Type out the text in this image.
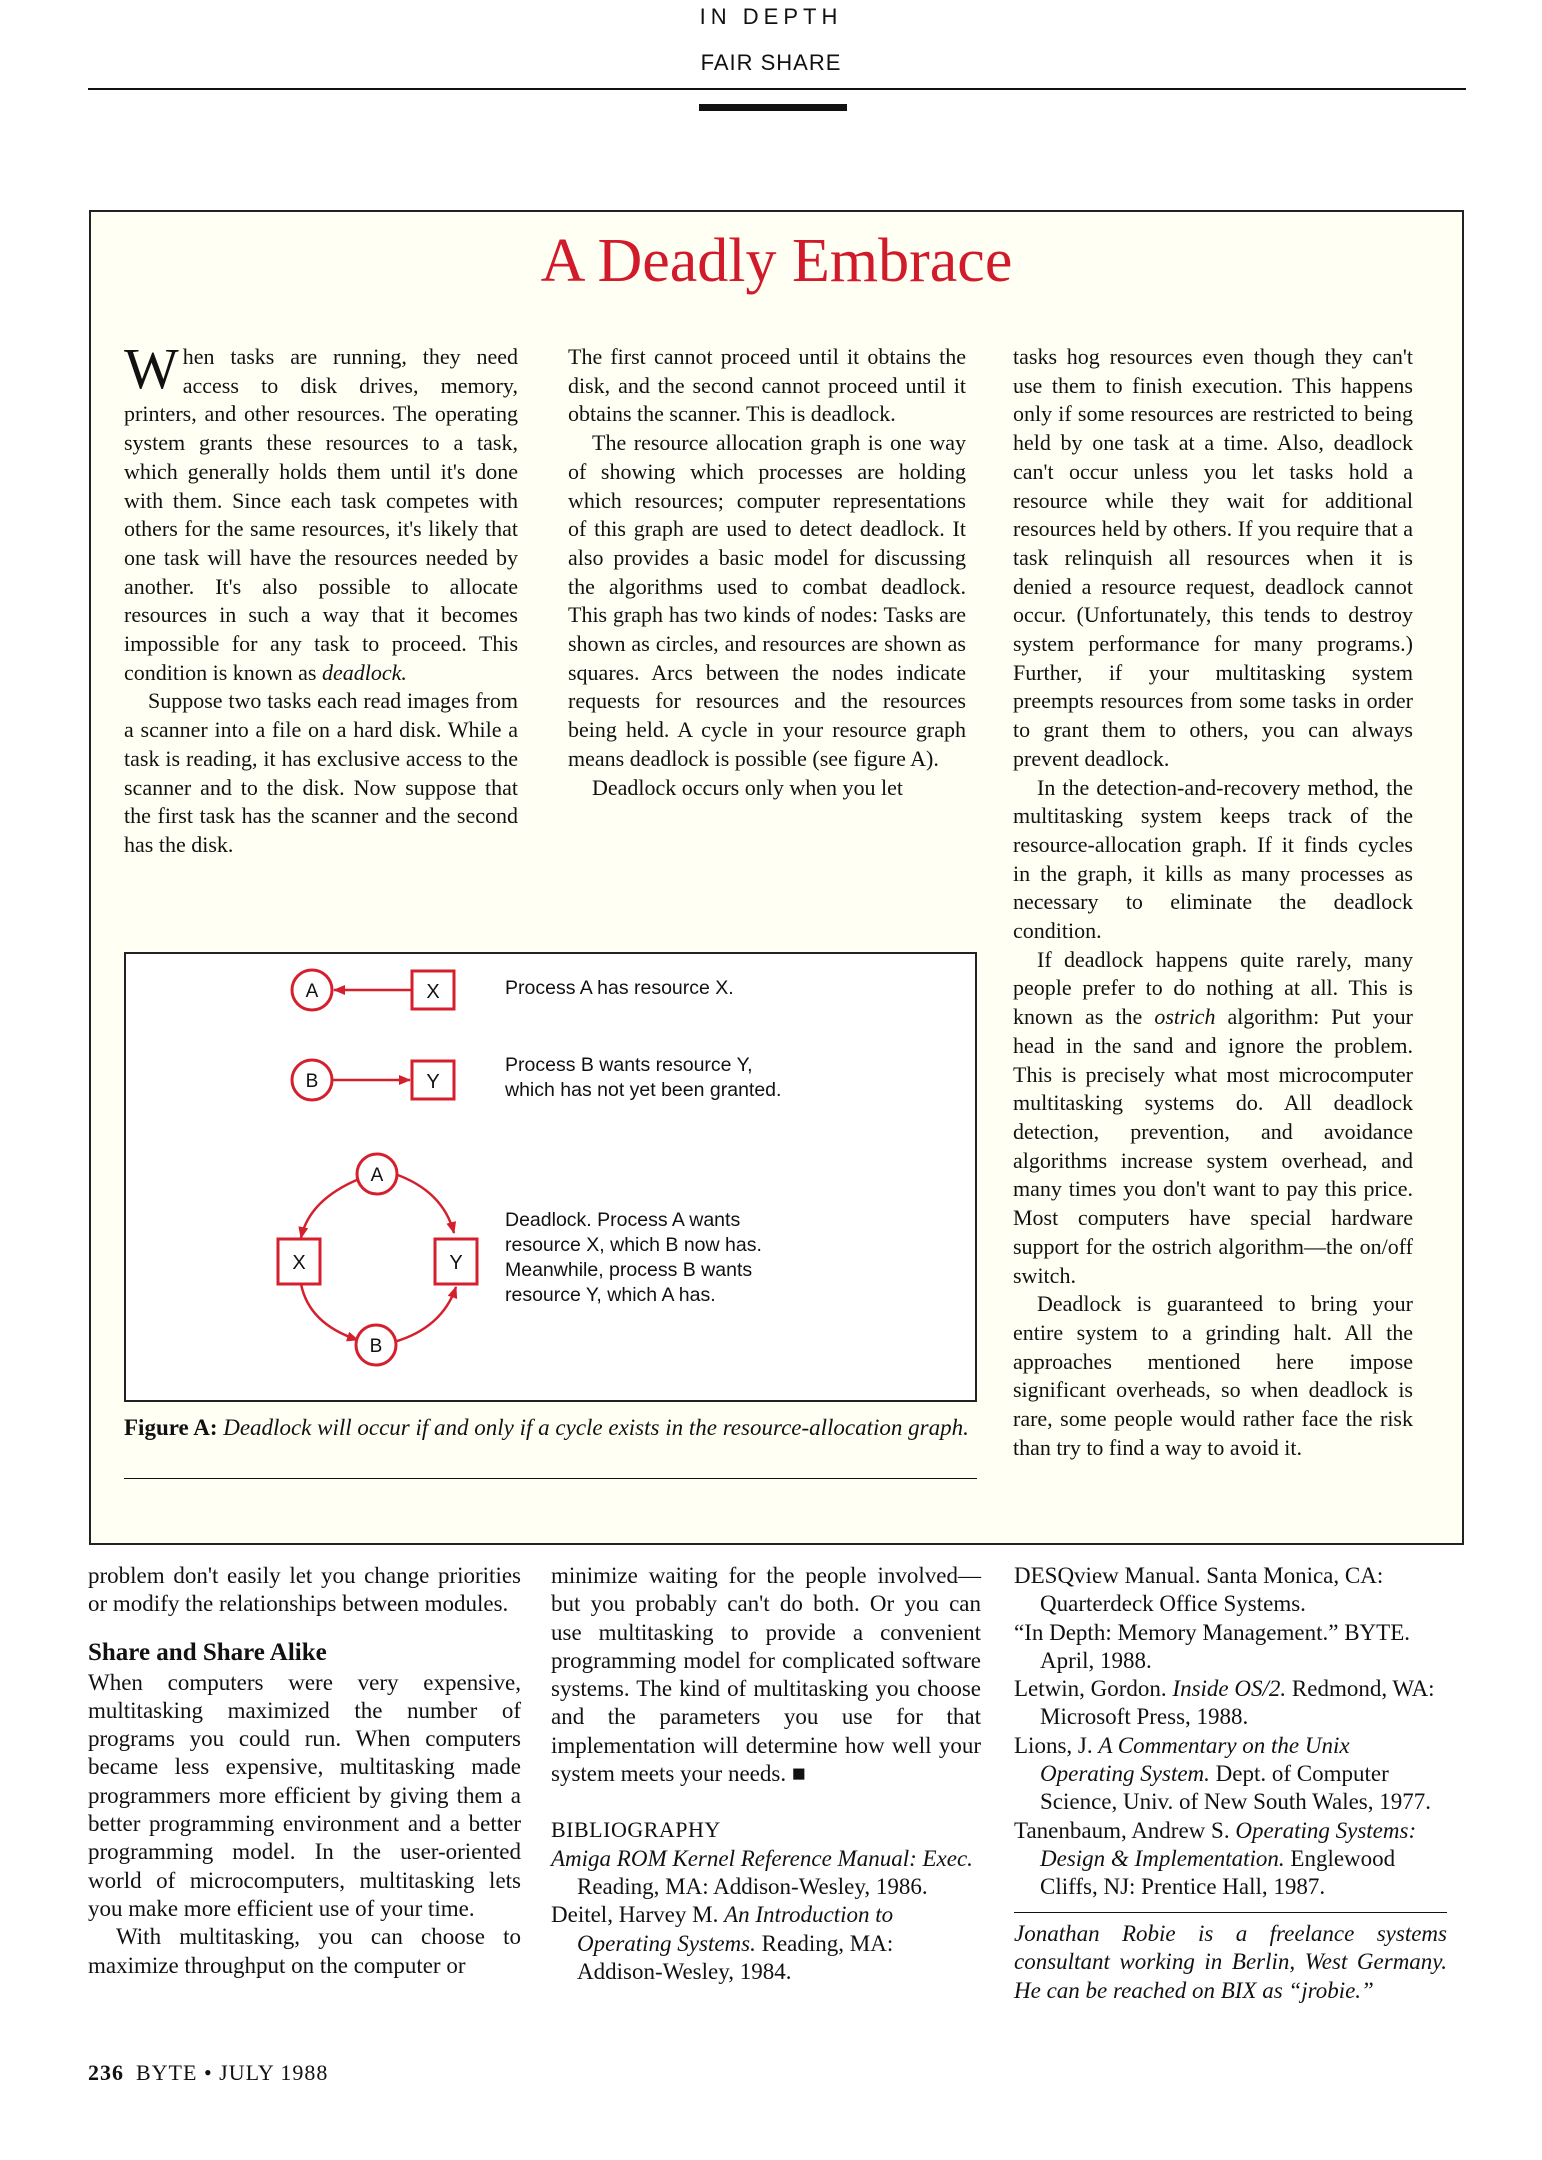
IN DEPTH
FAIR SHARE
A Deadly Embrace

When tasks are running, they need access to disk drives, memory, printers, and other resources. The operating system grants these resources to a task, which generally holds them until it's done with them. Since each task competes with others for the same resources, it's likely that one task will have the resources needed by another. It's also possible to allocate resources in such a way that it becomes impossible for any task to proceed. This condition is known as deadlock.

Suppose two tasks each read images from a scanner into a file on a hard disk. While a task is reading, it has exclusive access to the scanner and to the disk. Now suppose that the first task has the scanner and the second has the disk.

The first cannot proceed until it obtains the disk, and the second cannot proceed until it obtains the scanner. This is deadlock.

The resource allocation graph is one way of showing which processes are holding which resources; computer representations of this graph are used to detect deadlock. It also provides a basic model for discussing the algorithms used to combat deadlock. This graph has two kinds of nodes: Tasks are shown as circles, and resources are shown as squares. Arcs between the nodes indicate requests for resources and the resources being held. A cycle in your resource graph means deadlock is possible (see figure A).

Deadlock occurs only when you let

tasks hog resources even though they can't use them to finish execution. This happens only if some resources are restricted to being held by one task at a time. Also, deadlock can't occur unless you let tasks hold a resource while they wait for additional resources held by others. If you require that a task relinquish all resources when it is denied a resource request, deadlock cannot occur. (Unfortunately, this tends to destroy system performance for many programs.) Further, if your multitasking system preempts resources from some tasks in order to grant them to others, you can always prevent deadlock.

In the detection-and-recovery method, the multitasking system keeps track of the resource-allocation graph. If it finds cycles in the graph, it kills as many processes as necessary to eliminate the deadlock condition.

If deadlock happens quite rarely, many people prefer to do nothing at all. This is known as the ostrich algorithm: Put your head in the sand and ignore the problem. This is precisely what most microcomputer multitasking systems do. All deadlock detection, prevention, and avoidance algorithms increase system overhead, and many times you don't want to pay this price. Most computers have special hardware support for the ostrich algorithm—the on/off switch.

Deadlock is guaranteed to bring your entire system to a grinding halt. All the approaches mentioned here impose significant overheads, so when deadlock is rare, some people would rather face the risk than try to find a way to avoid it.

A	X
B	Y
A
X	Y
B
Process A has resource X.
Process B wants resource Y,
which has not yet been granted.
Deadlock. Process A wants
resource X, which B now has.
Meanwhile, process B wants
resource Y, which A has.
Figure A: Deadlock will occur if and only if a cycle exists in the resource-allocation graph.

problem don't easily let you change priorities or modify the relationships between modules.

Share and Share Alike

When computers were very expensive, multitasking maximized the number of programs you could run. When computers became less expensive, multitasking made programmers more efficient by giving them a better programming environment and a better programming model. In the user-oriented world of microcomputers, multitasking lets you make more efficient use of your time.

With multitasking, you can choose to maximize throughput on the computer or

minimize waiting for the people involved—but you probably can't do both. Or you can use multitasking to provide a convenient programming model for complicated software systems. The kind of multitasking you choose and the parameters you use for that implementation will determine how well your system meets your needs. ■

BIBLIOGRAPHY

Amiga ROM Kernel Reference Manual: Exec. Reading, MA: Addison-Wesley, 1986.

Deitel, Harvey M. An Introduction to Operating Systems. Reading, MA: Addison-Wesley, 1984.

DESQview Manual. Santa Monica, CA: Quarterdeck Office Systems.

“In Depth: Memory Management.” BYTE. April, 1988.

Letwin, Gordon. Inside OS/2. Redmond, WA: Microsoft Press, 1988.

Lions, J. A Commentary on the Unix Operating System. Dept. of Computer Science, Univ. of New South Wales, 1977.

Tanenbaum, Andrew S. Operating Systems: Design & Implementation. Englewood Cliffs, NJ: Prentice Hall, 1987.

Jonathan Robie is a freelance systems consultant working in Berlin, West Germany. He can be reached on BIX as “jrobie.”
236 BYTE • JULY 1988
